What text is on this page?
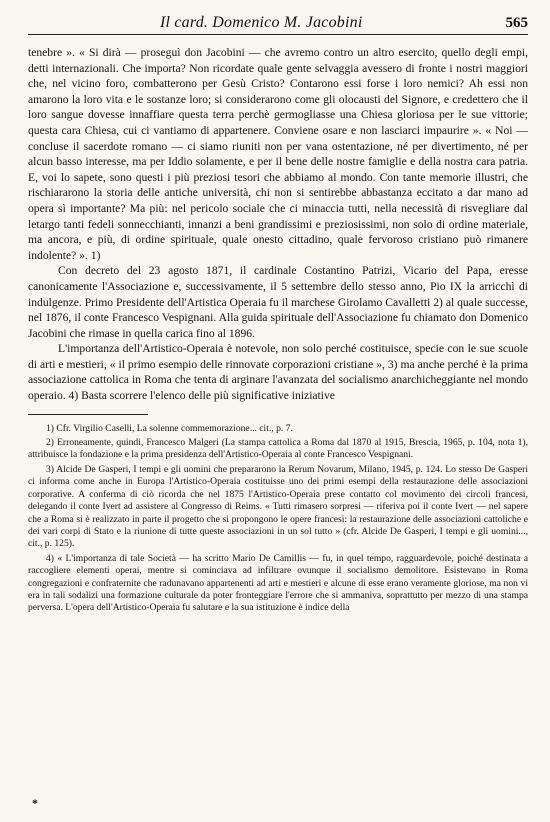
Il card. Domenico M. Jacobini	565

tenebre ». « Si dirà — proseguì don Jacobini — che avremo contro un altro esercito, quello degli empi, detti internazionali. Che importa? Non ricordate quale gente selvaggia avessero di fronte i nostri maggiori che, nel vicino foro, combatterono per Gesù Cristo? Contarono essi forse i loro nemici? Ah essi non amarono la loro vita e le sostanze loro; si considerarono come gli olocausti del Signore, e credettero che il loro sangue dovesse innaffiare questa terra perchè germogliasse una Chiesa gloriosa per le sue vittorie; questa cara Chiesa, cui ci vantiamo di appartenere. Conviene osare e non lasciarci impaurire ». « Noi — concluse il sacerdote romano — ci siamo riuniti non per vana ostentazione, né per divertimento, né per alcun basso interesse, ma per Iddio solamente, e per il bene delle nostre famiglie e della nostra cara patria. E, voi lo sapete, sono questi i più preziosi tesori che abbiamo al mondo. Con tante memorie illustri, che rischiararono la storia delle antiche università, chi non si sentirebbe abbastanza eccitato a dar mano ad opera sì importante? Ma più: nel pericolo sociale che ci minaccia tutti, nella necessità di risvegliare dal letargo tanti fedeli sonnecchianti, innanzi a beni grandissimi e preziosissimi, non solo di ordine materiale, ma ancora, e più, di ordine spirituale, quale onesto cittadino, quale fervoroso cristiano può rimanere indolente? ». 1)

Con decreto del 23 agosto 1871, il cardinale Costantino Patrizi, Vicario del Papa, eresse canonicamente l'Associazione e, successivamente, il 5 settembre dello stesso anno, Pio IX la arricchì di indulgenze. Primo Presidente dell'Artistica Operaia fu il marchese Girolamo Cavalletti 2) al quale successe, nel 1876, il conte Francesco Vespignani. Alla guida spirituale dell'Associazione fu chiamato don Domenico Jacobini che rimase in quella carica fino al 1896.

L'importanza dell'Artistico-Operaia è notevole, non solo perché costituisce, specie con le sue scuole di arti e mestieri, « il primo esempio delle rinnovate corporazioni cristiane », 3) ma anche perché è la prima associazione cattolica in Roma che tenta di arginare l'avanzata del socialismo anarchicheggiante nel mondo operaio. 4) Basta scorrere l'elenco delle più significative iniziative

1) Cfr. Virgilio Caselli, La solenne commemorazione... cit., p. 7.

2) Erroneamente, quindi, Francesco Malgeri (La stampa cattolica a Roma dal 1870 al 1915, Brescia, 1965, p. 104, nota 1), attribuisce la fondazione e la prima presidenza dell'Artistico-Operaia al conte Francesco Vespignani.

3) Alcide De Gasperi, I tempi e gli uomini che prepararono la Rerum Novarum, Milano, 1945, p. 124. Lo stesso De Gasperi ci informa come anche in Europa l'Artistico-Operaia costituisse uno dei primi esempi della restaurazione delle associazioni corporative. A conferma di ciò ricorda che nel 1875 l'Artistico-Operaia prese contatto col movimento dei circoli francesi, delegando il conte Ivert ad assistere al Congresso di Reims. « Tutti rimasero sorpresi — riferiva poi il conte Ivert — nel sapere che a Roma si è realizzato in parte il progetto che si propongono le opere francesi: la restaurazione delle associazioni cattoliche e dei vari corpi di Stato e la riunione di tutte queste associazioni in un sol tutto » (cfr. Alcide De Gasperi, I tempi e gli uomini..., cit., p. 125).

4) « L'importanza di tale Società — ha scritto Mario De Camillis — fu, in quel tempo, ragguardevole, poiché destinata a raccogliere elementi operai, mentre si cominciava ad infiltrare ovunque il socialismo demolitore. Esistevano in Roma congregazioni e confraternite che radunavano appartenenti ad arti e mestieri e alcune di esse erano veramente gloriose, ma non vi era in tali sodalizi una formazione culturale da poter fronteggiare l'errore che si ammaniva, soprattutto per mezzo di una stampa perversa. L'opera dell'Artistico-Operaia fu salutare e la sua istituzione è indice della

*
